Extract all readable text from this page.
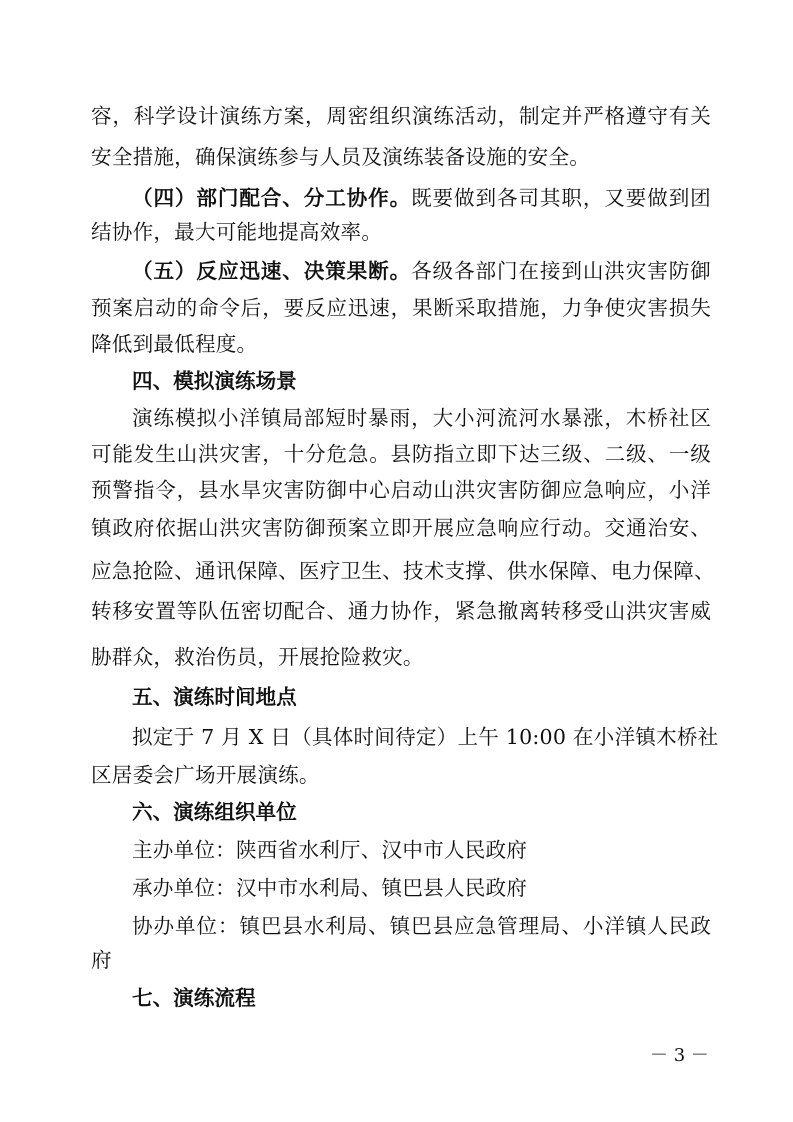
容，科学设计演练方案，周密组织演练活动，制定并严格遵守有关
安全措施，确保演练参与人员及演练装备设施的安全。
（四）部门配合、分工协作。既要做到各司其职，又要做到团
结协作，最大可能地提高效率。
（五）反应迅速、决策果断。各级各部门在接到山洪灾害防御
预案启动的命令后，要反应迅速，果断采取措施，力争使灾害损失
降低到最低程度。
四、模拟演练场景
演练模拟小洋镇局部短时暴雨，大小河流河水暴涨，木桥社区
可能发生山洪灾害，十分危急。县防指立即下达三级、二级、一级
预警指令，县水旱灾害防御中心启动山洪灾害防御应急响应，小洋
镇政府依据山洪灾害防御预案立即开展应急响应行动。交通治安、
应急抢险、通讯保障、医疗卫生、技术支撑、供水保障、电力保障、
转移安置等队伍密切配合、通力协作，紧急撤离转移受山洪灾害威
胁群众，救治伤员，开展抢险救灾。
五、演练时间地点
拟定于 7 月 X 日（具体时间待定）上午 10:00 在小洋镇木桥社
区居委会广场开展演练。
六、演练组织单位
主办单位：陕西省水利厅、汉中市人民政府
承办单位：汉中市水利局、镇巴县人民政府
协办单位：镇巴县水利局、镇巴县应急管理局、小洋镇人民政
府
七、演练流程
－ 3 －
